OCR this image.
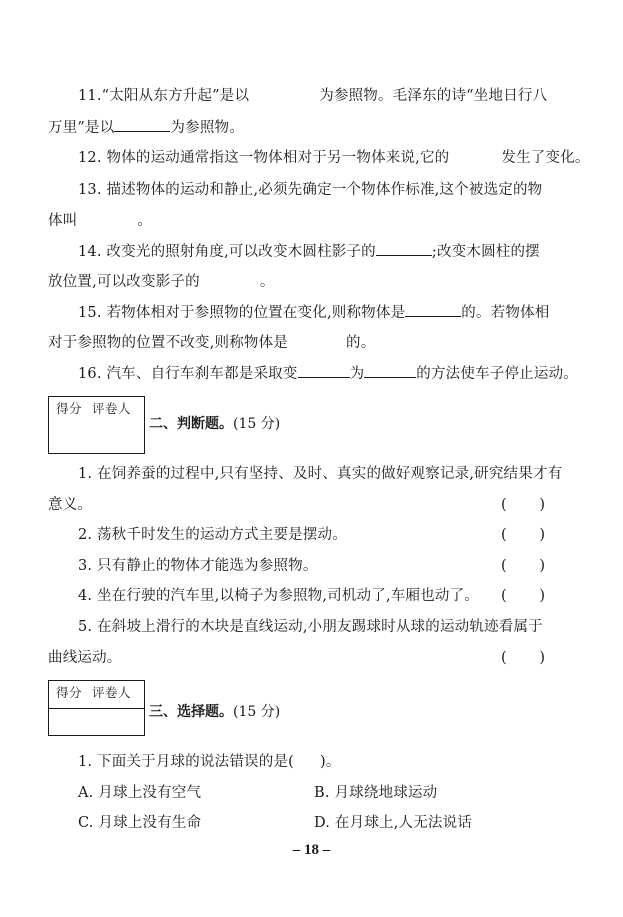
11.“太阳从东方升起”是以	为参照物。毛泽东的诗“坐地日行八
万里”是以	为参照物。
12. 物体的运动通常指这一物体相对于另一物体来说,它的	发生了变化。
13. 描述物体的运动和静止,必须先确定一个物体作标准,这个被选定的物
体叫	。
14. 改变光的照射角度,可以改变木圆柱影子的	;改变木圆柱的摆
放位置,可以改变影子的	。
15. 若物体相对于参照物的位置在变化,则称物体是	的。若物体相
对于参照物的位置不改变,则称物体是	的。
16. 汽车、自行车刹车都是采取变	为	的方法使车子停止运动。
得分 评卷人
二、判断题。(15 分)
1. 在饲养蚕的过程中,只有坚持、及时、真实的做好观察记录,研究结果才有
意义。	( )
2. 荡秋千时发生的运动方式主要是摆动。	( )
3. 只有静止的物体才能选为参照物。	( )
4. 坐在行驶的汽车里,以椅子为参照物,司机动了,车厢也动了。 ( )
5. 在斜坡上滑行的木块是直线运动,小朋友踢球时从球的运动轨迹看属于
曲线运动。	( )
得分 评卷人
三、选择题。(15 分)
1. 下面关于月球的说法错误的是( )。
A. 月球上没有空气	B. 月球绕地球运动
C. 月球上没有生命	D. 在月球上,人无法说话
– 18 –
